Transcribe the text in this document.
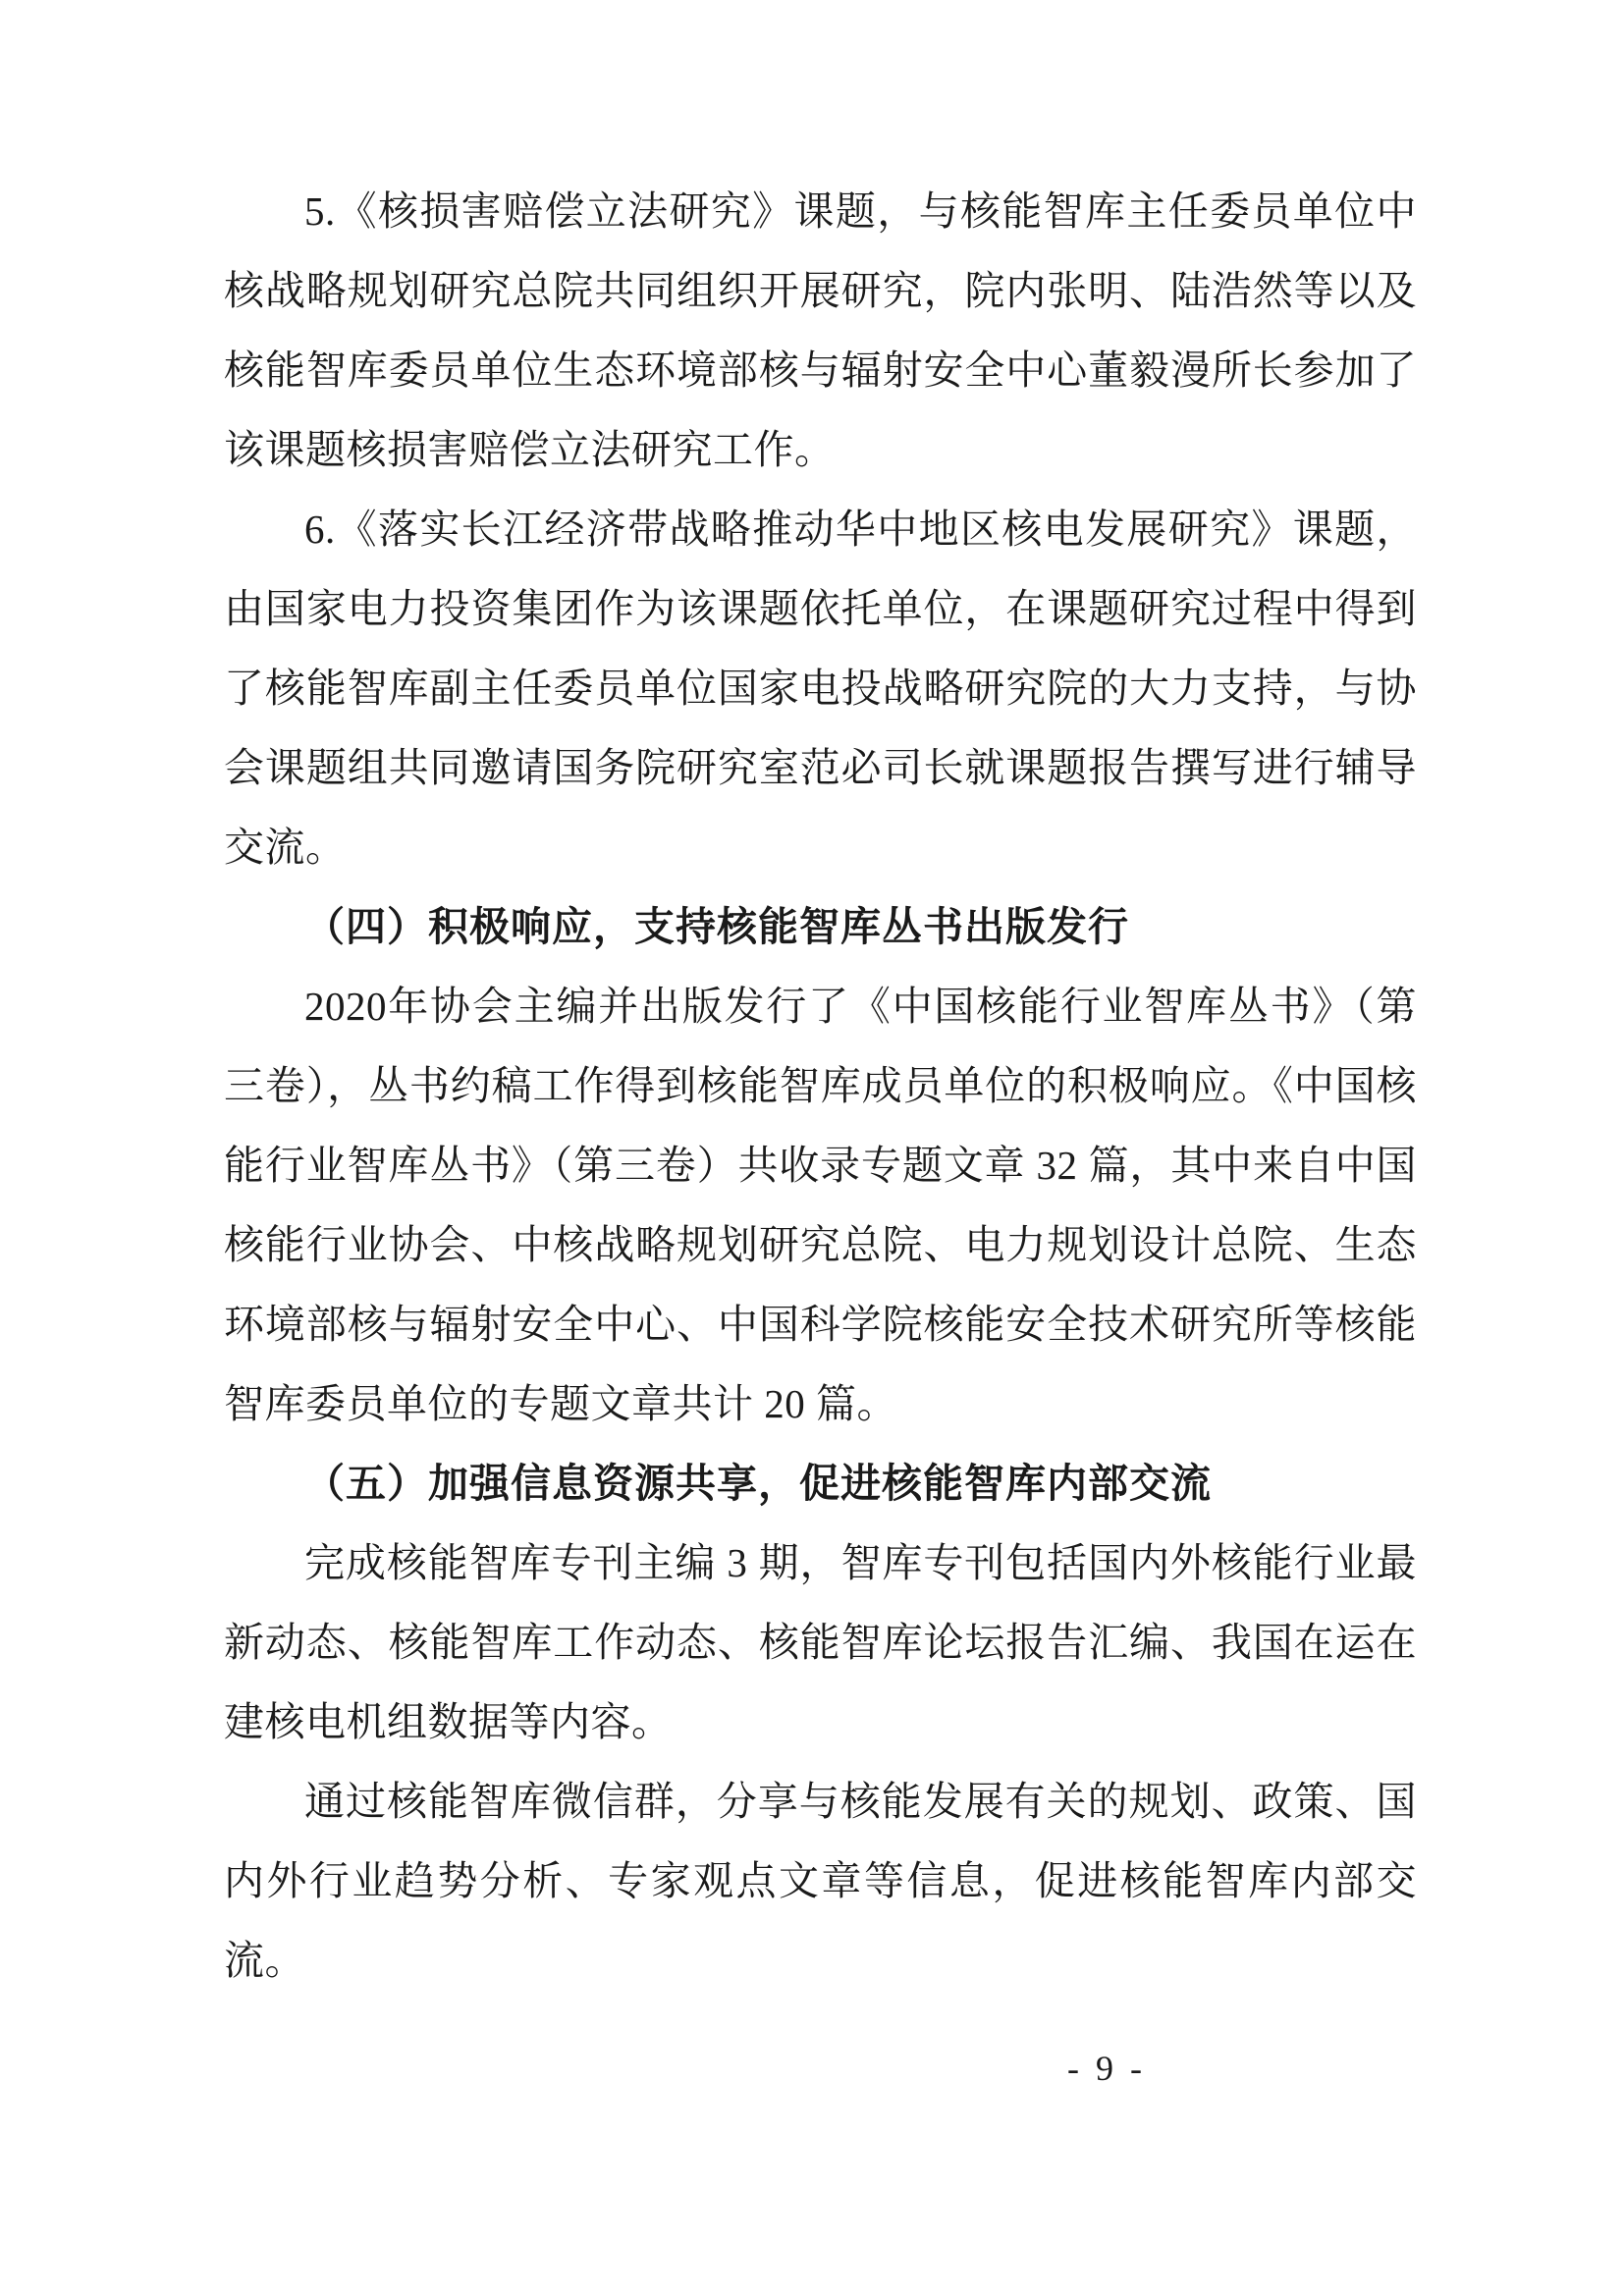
5.《核损害赔偿立法研究》课题，与核能智库主任委员单位中核战略规划研究总院共同组织开展研究，院内张明、陆浩然等以及核能智库委员单位生态环境部核与辐射安全中心董毅漫所长参加了该课题核损害赔偿立法研究工作。

6.《落实长江经济带战略推动华中地区核电发展研究》课题，由国家电力投资集团作为该课题依托单位，在课题研究过程中得到了核能智库副主任委员单位国家电投战略研究院的大力支持，与协会课题组共同邀请国务院研究室范必司长就课题报告撰写进行辅导交流。

（四）积极响应，支持核能智库丛书出版发行

2020年协会主编并出版发行了《中国核能行业智库丛书》（第三卷），丛书约稿工作得到核能智库成员单位的积极响应。《中国核能行业智库丛书》（第三卷）共收录专题文章 32 篇，其中来自中国核能行业协会、中核战略规划研究总院、电力规划设计总院、生态环境部核与辐射安全中心、中国科学院核能安全技术研究所等核能智库委员单位的专题文章共计 20 篇。

（五）加强信息资源共享，促进核能智库内部交流

完成核能智库专刊主编 3 期，智库专刊包括国内外核能行业最新动态、核能智库工作动态、核能智库论坛报告汇编、我国在运在建核电机组数据等内容。

通过核能智库微信群，分享与核能发展有关的规划、政策、国内外行业趋势分析、专家观点文章等信息，促进核能智库内部交流。

- 9 -
